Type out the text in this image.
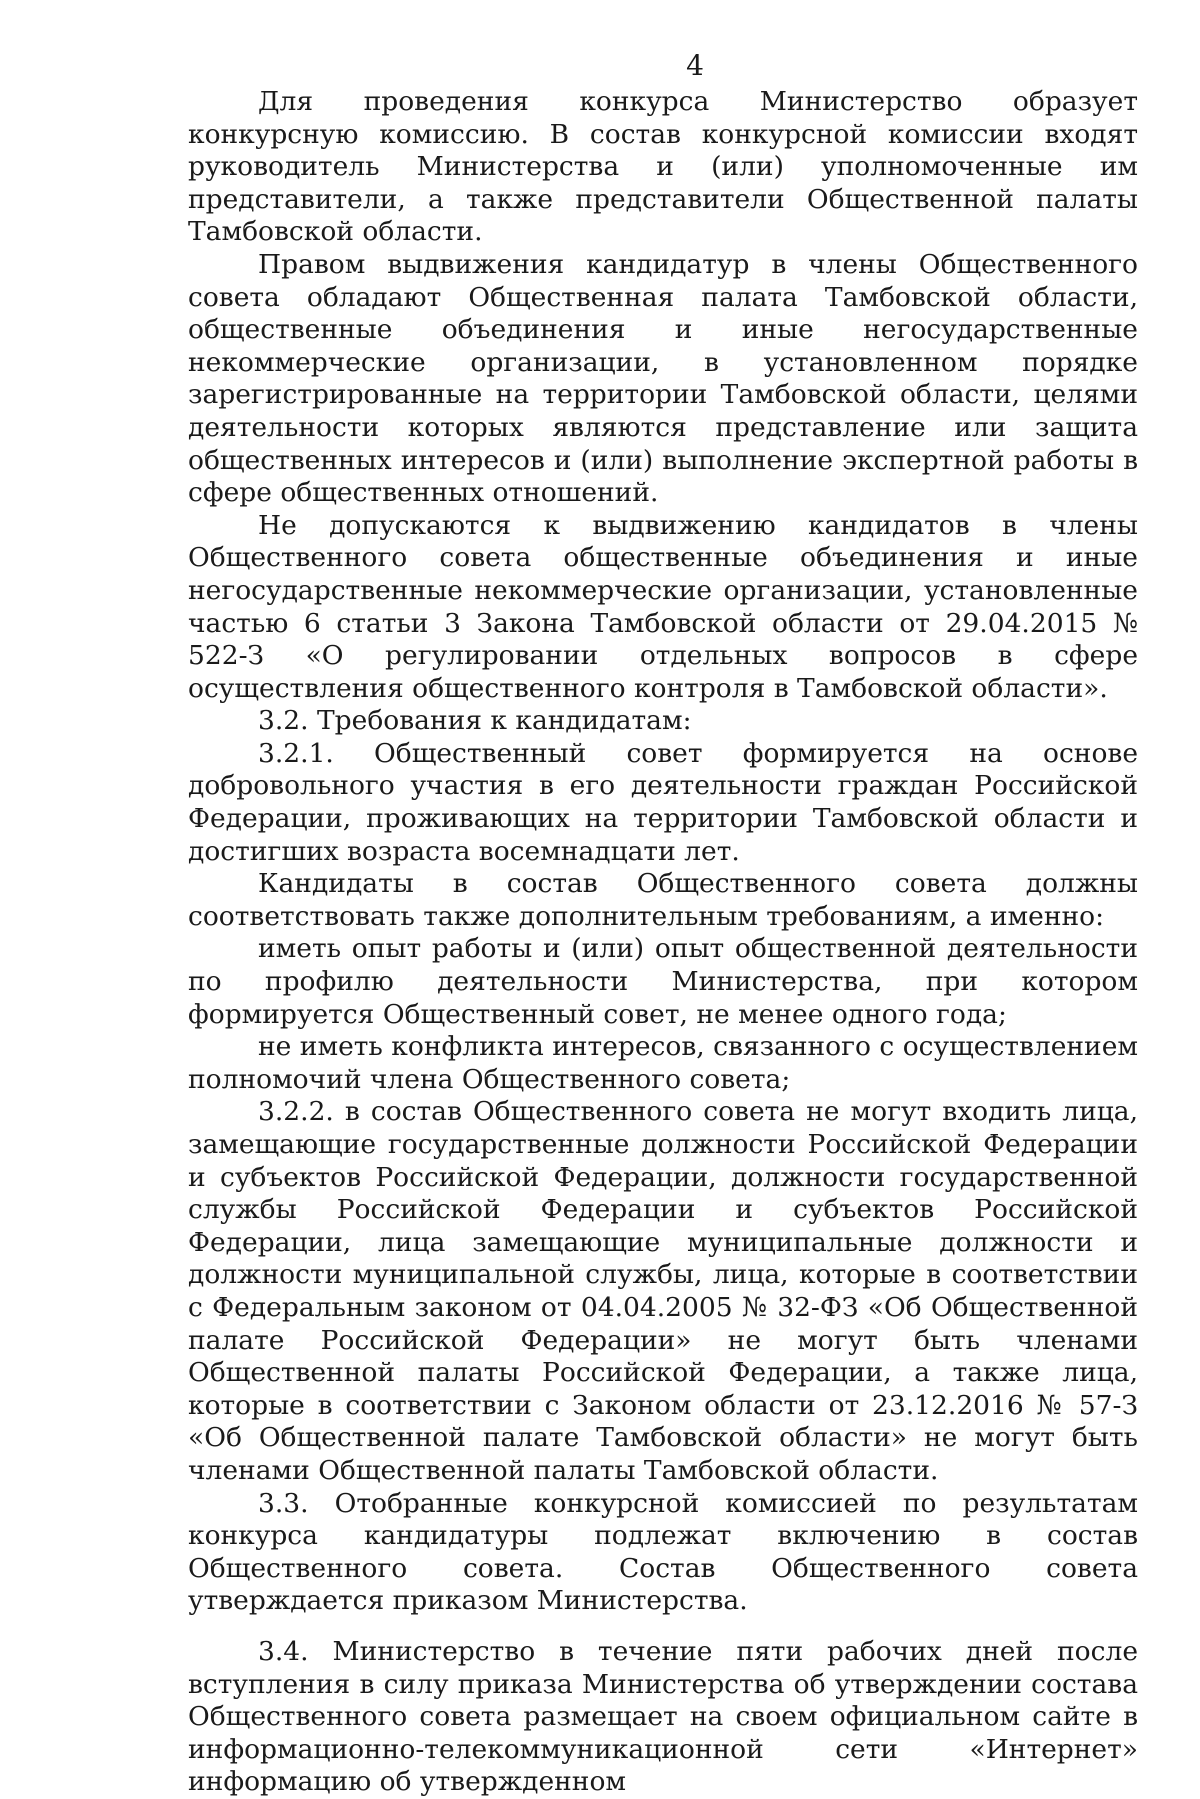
4

Для проведения конкурса Министерство образует конкурсную комиссию. В состав конкурсной комиссии входят руководитель Министерства и (или) уполномоченные им представители, а также представители Общественной палаты Тамбовской области.

Правом выдвижения кандидатур в члены Общественного совета обладают Общественная палата Тамбовской области, общественные объединения и иные негосударственные некоммерческие организации, в установленном порядке зарегистрированные на территории Тамбовской области, целями деятельности которых являются представление или защита общественных интересов и (или) выполнение экспертной работы в сфере общественных отношений.

Не допускаются к выдвижению кандидатов в члены Общественного совета общественные объединения и иные негосударственные некоммерческие организации, установленные частью 6 статьи 3 Закона Тамбовской области от 29.04.2015 № 522-З «О регулировании отдельных вопросов в сфере осуществления общественного контроля в Тамбовской области».

3.2. Требования к кандидатам:

3.2.1. Общественный совет формируется на основе добровольного участия в его деятельности граждан Российской Федерации, проживающих на территории Тамбовской области и достигших возраста восемнадцати лет.

Кандидаты в состав Общественного совета должны соответствовать также дополнительным требованиям, а именно:

иметь опыт работы и (или) опыт общественной деятельности по профилю деятельности Министерства, при котором формируется Общественный совет, не менее одного года;

не иметь конфликта интересов, связанного с осуществлением полномочий члена Общественного совета;

3.2.2. в состав Общественного совета не могут входить лица, замещающие государственные должности Российской Федерации и субъектов Российской Федерации, должности государственной службы Российской Федерации и субъектов Российской Федерации, лица замещающие муниципальные должности и должности муниципальной службы, лица, которые в соответствии с Федеральным законом от 04.04.2005 № 32-ФЗ «Об Общественной палате Российской Федерации» не могут быть членами Общественной палаты Российской Федерации, а также лица, которые в соответствии с Законом области от 23.12.2016 № 57-З «Об Общественной палате Тамбовской области» не могут быть членами Общественной палаты Тамбовской области.

3.3. Отобранные конкурсной комиссией по результатам конкурса кандидатуры подлежат включению в состав Общественного совета. Состав Общественного совета утверждается приказом Министерства.

3.4. Министерство в течение пяти рабочих дней после вступления в силу приказа Министерства об утверждении состава Общественного совета размещает на своем официальном сайте в информационно-телекоммуникационной сети «Интернет» информацию об утвержденном
